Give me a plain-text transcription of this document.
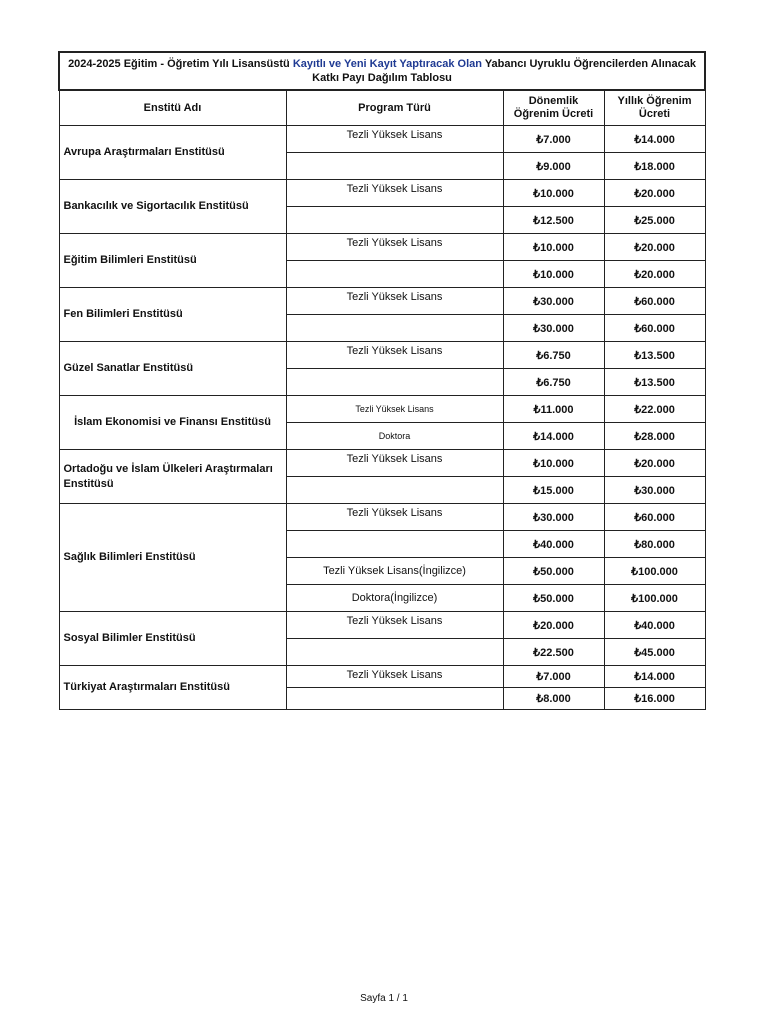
2024-2025 Eğitim - Öğretim Yılı Lisansüstü Kayıtlı ve Yeni Kayıt Yaptıracak Olan Yabancı Uyruklu Öğrencilerden Alınacak Katkı Payı Dağılım Tablosu			
Enstitü Adı	Program Türü	Dönemlik Öğrenim Ücreti	Yıllık Öğrenim Ücreti
Avrupa Araştırmaları Enstitüsü	Tezli Yüksek Lisans	₺7.000	₺14.000
		₺9.000	₺18.000
Bankacılık ve Sigortacılık Enstitüsü	Tezli Yüksek Lisans	₺10.000	₺20.000
		₺12.500	₺25.000
Eğitim Bilimleri Enstitüsü	Tezli Yüksek Lisans	₺10.000	₺20.000
		₺10.000	₺20.000
Fen Bilimleri Enstitüsü	Tezli Yüksek Lisans	₺30.000	₺60.000
		₺30.000	₺60.000
Güzel Sanatlar Enstitüsü	Tezli Yüksek Lisans	₺6.750	₺13.500
		₺6.750	₺13.500
İslam Ekonomisi ve Finansı Enstitüsü	Tezli Yüksek Lisans	₺11.000	₺22.000
	Doktora	₺14.000	₺28.000
Ortadoğu ve İslam Ülkeleri Araştırmaları Enstitüsü	Tezli Yüksek Lisans	₺10.000	₺20.000
		₺15.000	₺30.000
Sağlık Bilimleri Enstitüsü	Tezli Yüksek Lisans	₺30.000	₺60.000
		₺40.000	₺80.000
	Tezli Yüksek Lisans(İngilizce)	₺50.000	₺100.000
	Doktora(İngilizce)	₺50.000	₺100.000
Sosyal Bilimler Enstitüsü	Tezli Yüksek Lisans	₺20.000	₺40.000
		₺22.500	₺45.000
Türkiyat Araştırmaları Enstitüsü	Tezli Yüksek Lisans	₺7.000	₺14.000
		₺8.000	₺16.000
Sayfa 1 / 1
